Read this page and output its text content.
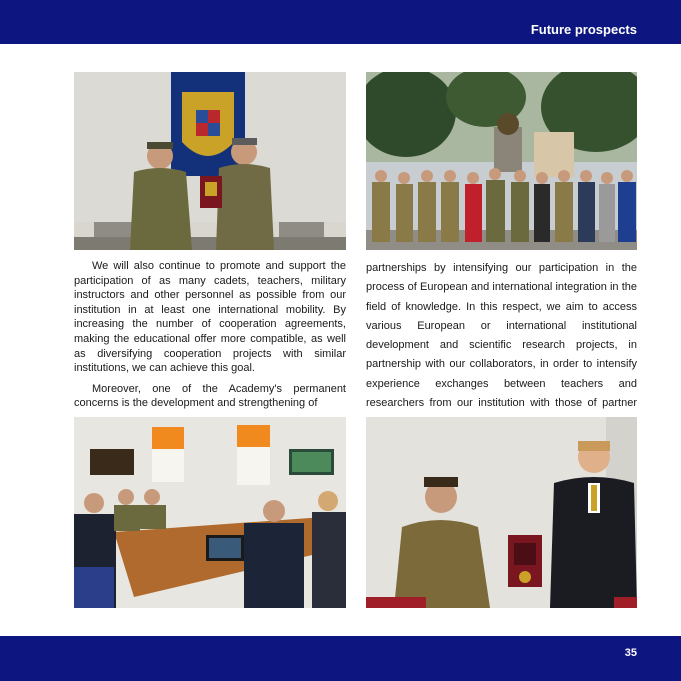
Future prospects

We will also continue to promote and support the participation of as many cadets, teachers, military instructors and other personnel as possible from our institution in at least one international mobility. By increasing the number of cooperation agreements, making the educational offer more compatible, as well as diversifying cooperation projects with similar institutions, we can achieve this goal.

Moreover, one of the Academy's permanent concerns is the development and strengthening of

partnerships by intensifying our participation in the process of European and international integration in the field of knowledge. In this respect, we aim to access various European or international institutional development and scientific research projects, in partnership with our collaborators, in order to intensify experience exchanges between teachers and researchers from our institution with those of partner

35
